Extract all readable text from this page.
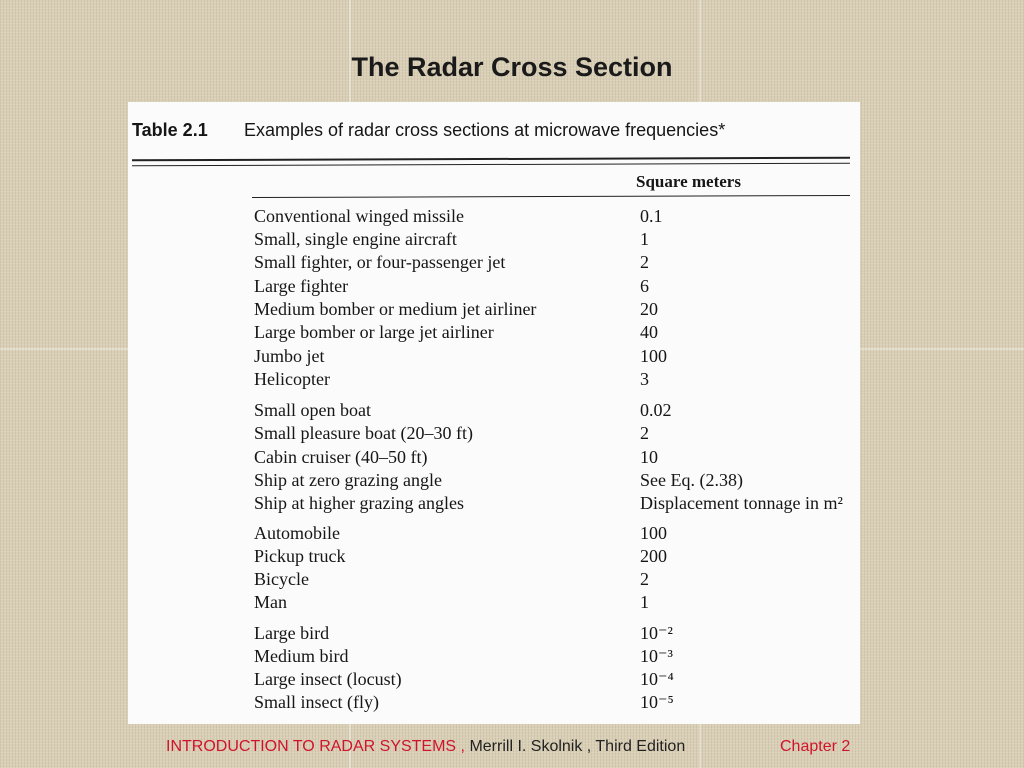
The Radar Cross Section
Table 2.1 Examples of radar cross sections at microwave frequencies*
Square meters
Conventional winged missile	0.1
Small, single engine aircraft	1
Small fighter, or four-passenger jet	2
Large fighter	6
Medium bomber or medium jet airliner	20
Large bomber or large jet airliner	40
Jumbo jet	100
Helicopter	3
Small open boat	0.02
Small pleasure boat (20–30 ft)	2
Cabin cruiser (40–50 ft)	10
Ship at zero grazing angle	See Eq. (2.38)
Ship at higher grazing angles	Displacement tonnage in m²
Automobile	100
Pickup truck	200
Bicycle	2
Man	1
Large bird	10⁻²
Medium bird	10⁻³
Large insect (locust)	10⁻⁴
Small insect (fly)	10⁻⁵
INTRODUCTION TO RADAR SYSTEMS , Merrill I. Skolnik , Third Edition	Chapter 2
